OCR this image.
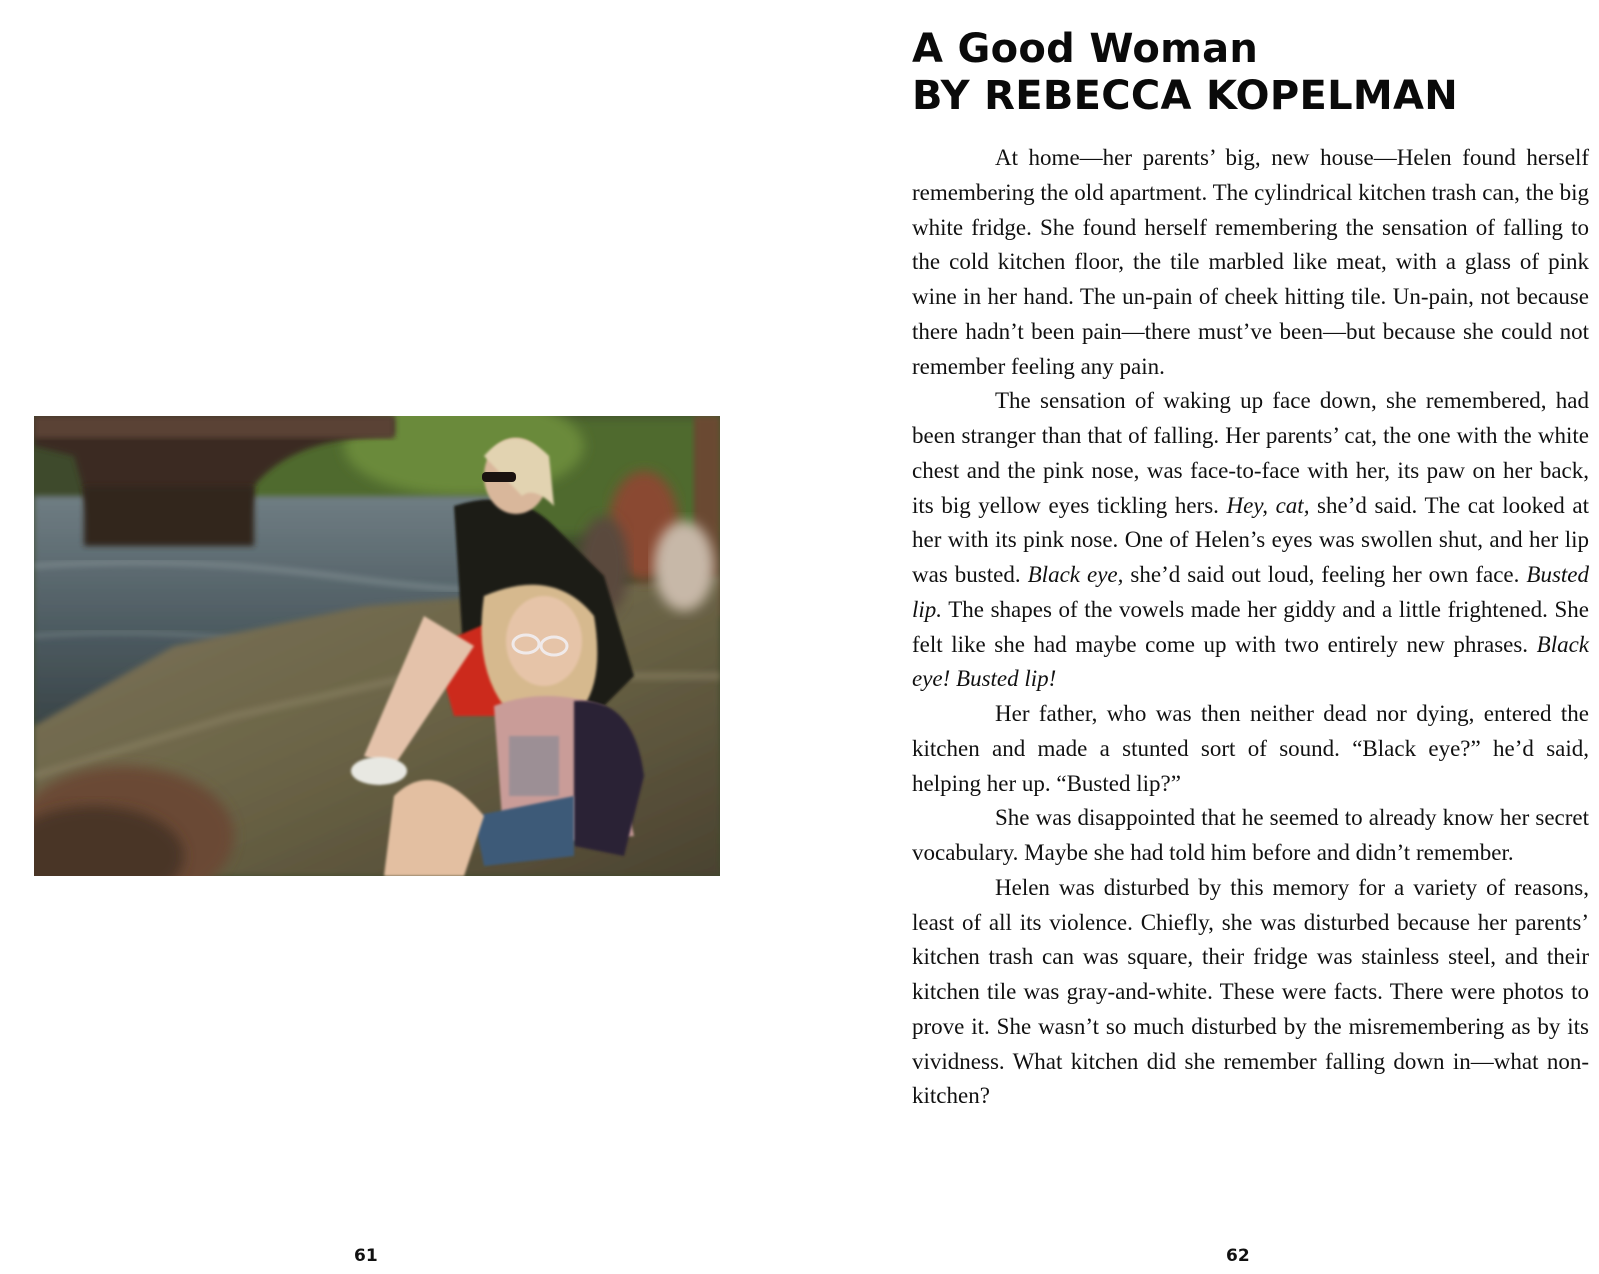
61
A Good Woman
BY REBECCA KOPELMAN

At home—her parents’ big, new house—Helen found herself remembering the old apartment. The cylindrical kitchen trash can, the big white fridge. She found herself remembering the sensation of falling to the cold kitchen floor, the tile marbled like meat, with a glass of pink wine in her hand. The un-pain of cheek hitting tile. Un-pain, not because there hadn’t been pain—there must’ve been—but because she could not remember feeling any pain.

The sensation of waking up face down, she remembered, had been stranger than that of falling. Her parents’ cat, the one with the white chest and the pink nose, was face-to-face with her, its paw on her back, its big yellow eyes tickling hers. Hey, cat, she’d said. The cat looked at her with its pink nose. One of Helen’s eyes was swollen shut, and her lip was busted. Black eye, she’d said out loud, feeling her own face. Busted lip. The shapes of the vowels made her giddy and a little frightened. She felt like she had maybe come up with two entirely new phrases. Black eye! Busted lip!

Her father, who was then neither dead nor dying, entered the kitchen and made a stunted sort of sound. “Black eye?” he’d said, helping her up. “Busted lip?”

She was disappointed that he seemed to already know her secret vocabulary. Maybe she had told him before and didn’t remember.

Helen was disturbed by this memory for a variety of reasons, least of all its violence. Chiefly, she was disturbed because her parents’ kitchen trash can was square, their fridge was stainless steel, and their kitchen tile was gray-and-white. These were facts. There were photos to prove it. She wasn’t so much disturbed by the misremembering as by its vividness. What kitchen did she remember falling down in—what non-kitchen?

62
